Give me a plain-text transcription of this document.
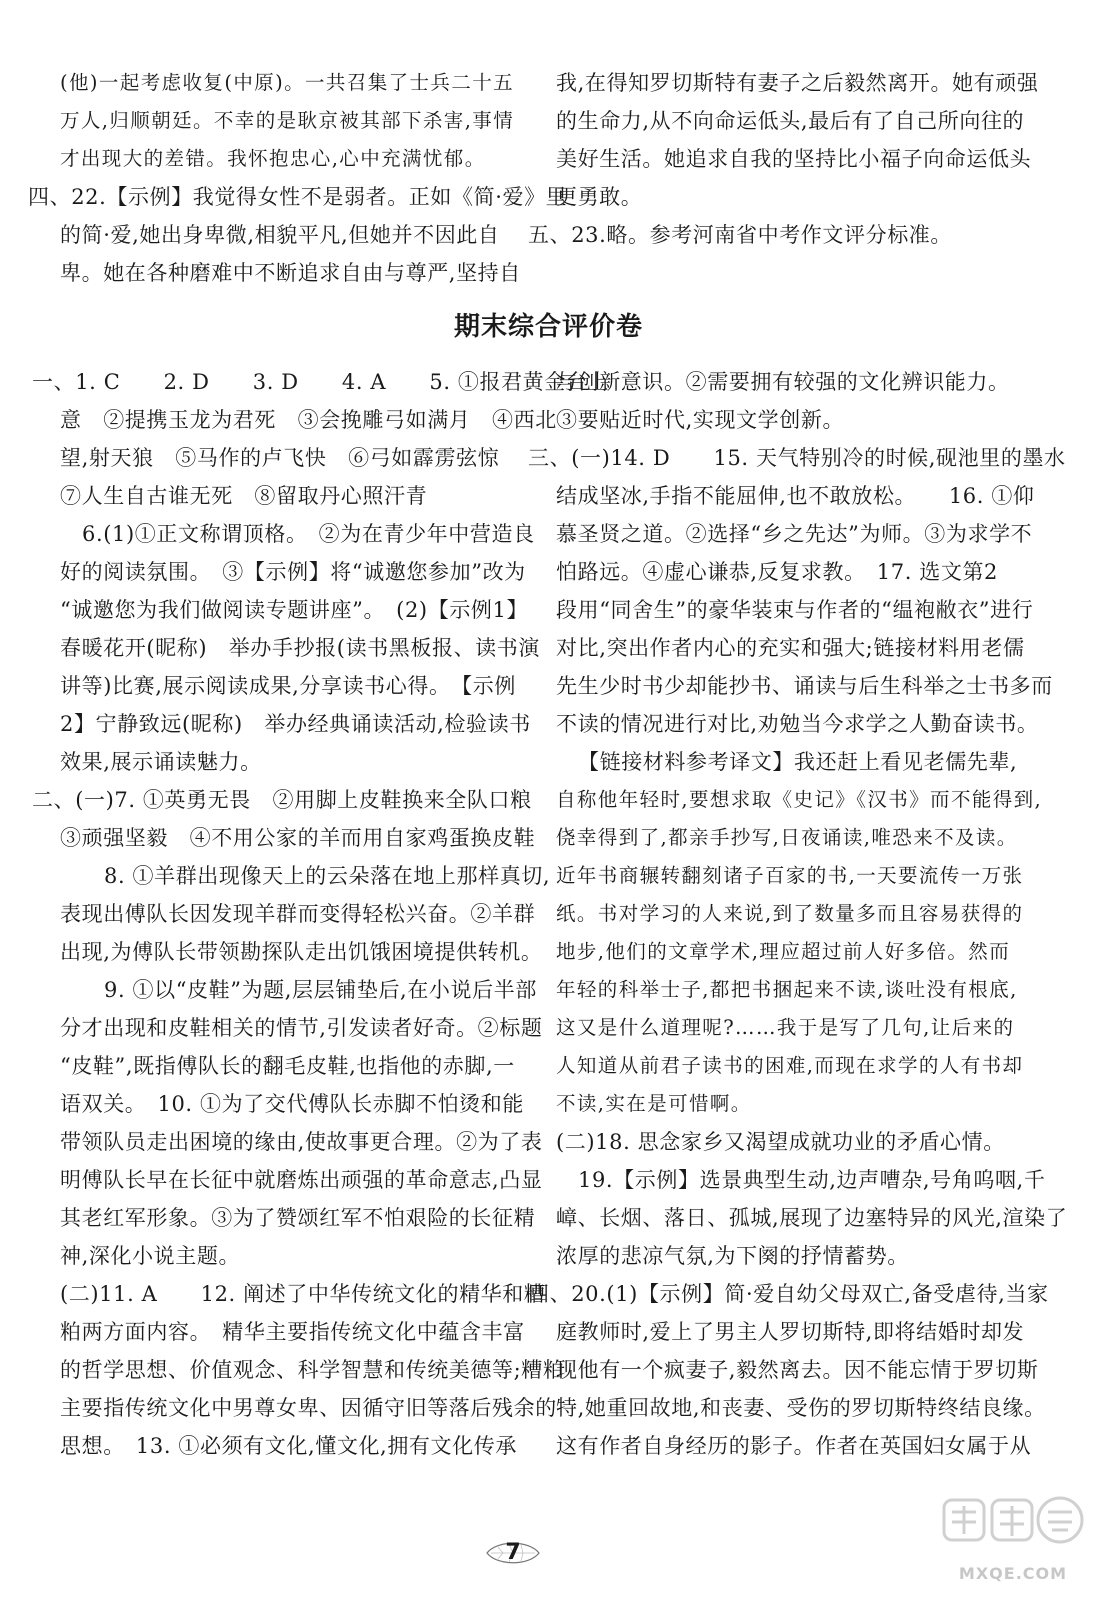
(他)一起考虑收复(中原)。一共召集了士兵二十五
万人,归顺朝廷。不幸的是耿京被其部下杀害,事情
才出现大的差错。我怀抱忠心,心中充满忧郁。
四、22.【示例】我觉得女性不是弱者。正如《简·爱》里
的简·爱,她出身卑微,相貌平凡,但她并不因此自
卑。她在各种磨难中不断追求自由与尊严,坚持自
我,在得知罗切斯特有妻子之后毅然离开。她有顽强
的生命力,从不向命运低头,最后有了自己所向往的
美好生活。她追求自我的坚持比小福子向命运低头
更勇敢。
五、23.略。参考河南省中考作文评分标准。
期末综合评价卷
一、1. C　　2. D　　3. D　　4. A　　5. ①报君黄金台上
意　②提携玉龙为君死　③会挽雕弓如满月　④西北
望,射天狼　⑤马作的卢飞快　⑥弓如霹雳弦惊
⑦人生自古谁无死　⑧留取丹心照汗青
6.(1)①正文称谓顶格。　②为在青少年中营造良
好的阅读氛围。　③【示例】将“诚邀您参加”改为
“诚邀您为我们做阅读专题讲座”。　(2)【示例1】
春暖花开(昵称)　举办手抄报(读书黑板报、读书演
讲等)比赛,展示阅读成果,分享读书心得。　【示例
2】宁静致远(昵称)　举办经典诵读活动,检验读书
效果,展示诵读魅力。
二、(一)7. ①英勇无畏　②用脚上皮鞋换来全队口粮
③顽强坚毅　④不用公家的羊而用自家鸡蛋换皮鞋
8. ①羊群出现像天上的云朵落在地上那样真切,
表现出傅队长因发现羊群而变得轻松兴奋。②羊群
出现,为傅队长带领勘探队走出饥饿困境提供转机。
9. ①以“皮鞋”为题,层层铺垫后,在小说后半部
分才出现和皮鞋相关的情节,引发读者好奇。②标题
“皮鞋”,既指傅队长的翻毛皮鞋,也指他的赤脚,一
语双关。　10. ①为了交代傅队长赤脚不怕烫和能
带领队员走出困境的缘由,使故事更合理。②为了表
明傅队长早在长征中就磨炼出顽强的革命意志,凸显
其老红军形象。③为了赞颂红军不怕艰险的长征精
神,深化小说主题。
(二)11. A　　12. 阐述了中华传统文化的精华和糟
粕两方面内容。　精华主要指传统文化中蕴含丰富
的哲学思想、价值观念、科学智慧和传统美德等;糟粕
主要指传统文化中男尊女卑、因循守旧等落后残余的
思想。　13. ①必须有文化,懂文化,拥有文化传承
与创新意识。②需要拥有较强的文化辨识能力。
③要贴近时代,实现文学创新。
三、(一)14. D　　15. 天气特别冷的时候,砚池里的墨水
结成坚冰,手指不能屈伸,也不敢放松。　　16. ①仰
慕圣贤之道。②选择“乡之先达”为师。③为求学不
怕路远。④虚心谦恭,反复求教。　17. 选文第2
段用“同舍生”的豪华装束与作者的“缊袍敝衣”进行
对比,突出作者内心的充实和强大;链接材料用老儒
先生少时书少却能抄书、诵读与后生科举之士书多而
不读的情况进行对比,劝勉当今求学之人勤奋读书。
【链接材料参考译文】我还赶上看见老儒先辈,
自称他年轻时,要想求取《史记》《汉书》而不能得到,
侥幸得到了,都亲手抄写,日夜诵读,唯恐来不及读。
近年书商辗转翻刻诸子百家的书,一天要流传一万张
纸。书对学习的人来说,到了数量多而且容易获得的
地步,他们的文章学术,理应超过前人好多倍。然而
年轻的科举士子,都把书捆起来不读,谈吐没有根底,
这又是什么道理呢?……我于是写了几句,让后来的
人知道从前君子读书的困难,而现在求学的人有书却
不读,实在是可惜啊。
(二)18. 思念家乡又渴望成就功业的矛盾心情。
19.【示例】选景典型生动,边声嘈杂,号角呜咽,千
嶂、长烟、落日、孤城,展现了边塞特异的风光,渲染了
浓厚的悲凉气氛,为下阕的抒情蓄势。
四、20.(1)【示例】简·爱自幼父母双亡,备受虐待,当家
庭教师时,爱上了男主人罗切斯特,即将结婚时却发
现他有一个疯妻子,毅然离去。因不能忘情于罗切斯
特,她重回故地,和丧妻、受伤的罗切斯特终结良缘。
这有作者自身经历的影子。作者在英国妇女属于从
7
MXQE.COM
